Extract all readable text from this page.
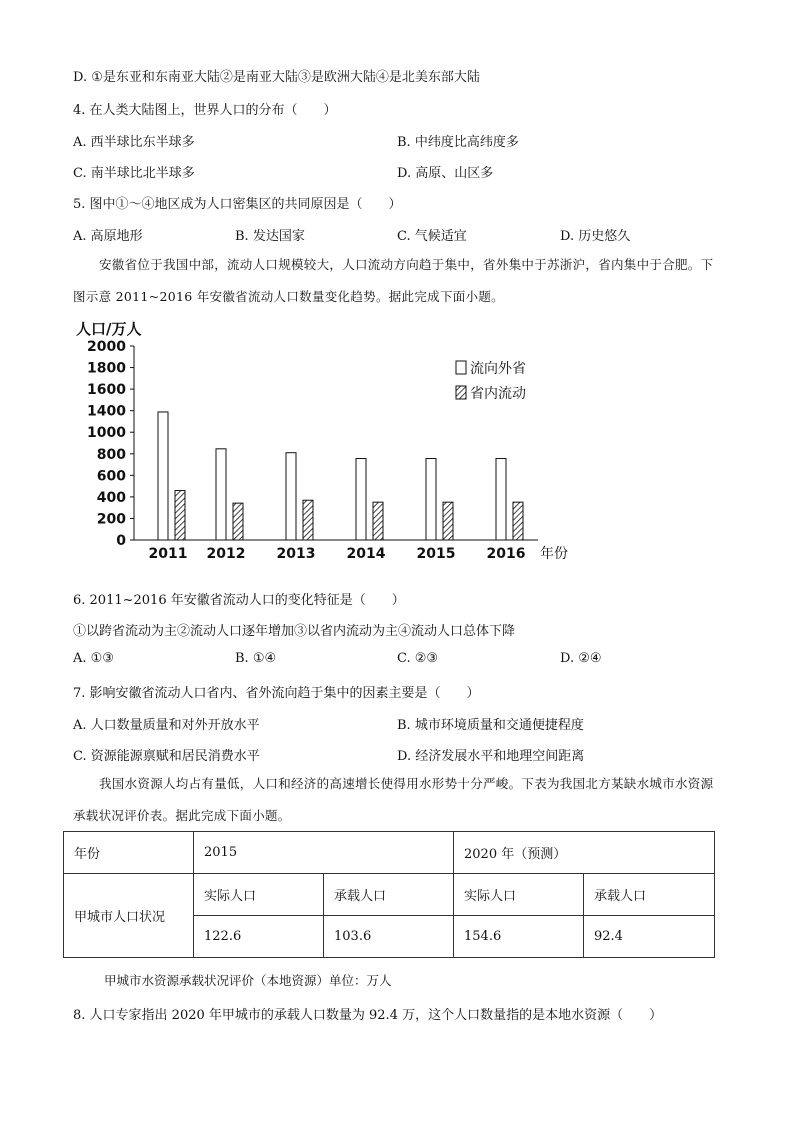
D. ①是东亚和东南亚大陆②是南亚大陆③是欧洲大陆④是北美东部大陆
4. 在人类大陆图上，世界人口的分布（　　）
A. 西半球比东半球多	B. 中纬度比高纬度多
C. 南半球比北半球多	D. 高原、山区多
5. 图中①～④地区成为人口密集区的共同原因是（　　）
A. 高原地形	B. 发达国家	C. 气候适宜	D. 历史悠久
安徽省位于我国中部，流动人口规模较大，人口流动方向趋于集中，省外集中于苏浙沪，省内集中于合肥。下图示意 2011~2016 年安徽省流动人口数量变化趋势。据此完成下面小题。
人口/万人
2000
1800
1600
1400
1000
800
600
400
200
0
2011 2012 2013 2014 2015 2016 年份
流向外省
省内流动
6. 2011~2016 年安徽省流动人口的变化特征是（　　）
①以跨省流动为主②流动人口逐年增加③以省内流动为主④流动人口总体下降
A. ①③	B. ①④	C. ②③	D. ②④
7. 影响安徽省流动人口省内、省外流向趋于集中的因素主要是（　　）
A. 人口数量质量和对外开放水平	B. 城市环境质量和交通便捷程度
C. 资源能源禀赋和居民消费水平	D. 经济发展水平和地理空间距离
我国水资源人均占有量低，人口和经济的高速增长使得用水形势十分严峻。下表为我国北方某缺水城市水资源承载状况评价表。据此完成下面小题。
年份	2015		2020 年（预测）	
甲城市人口状况	实际人口	承载人口	实际人口	承载人口
	122.6	103.6	154.6	92.4
甲城市水资源承载状况评价（本地资源）单位：万人
8. 人口专家指出 2020 年甲城市的承载人口数量为 92.4 万，这个人口数量指的是本地水资源（　　）
